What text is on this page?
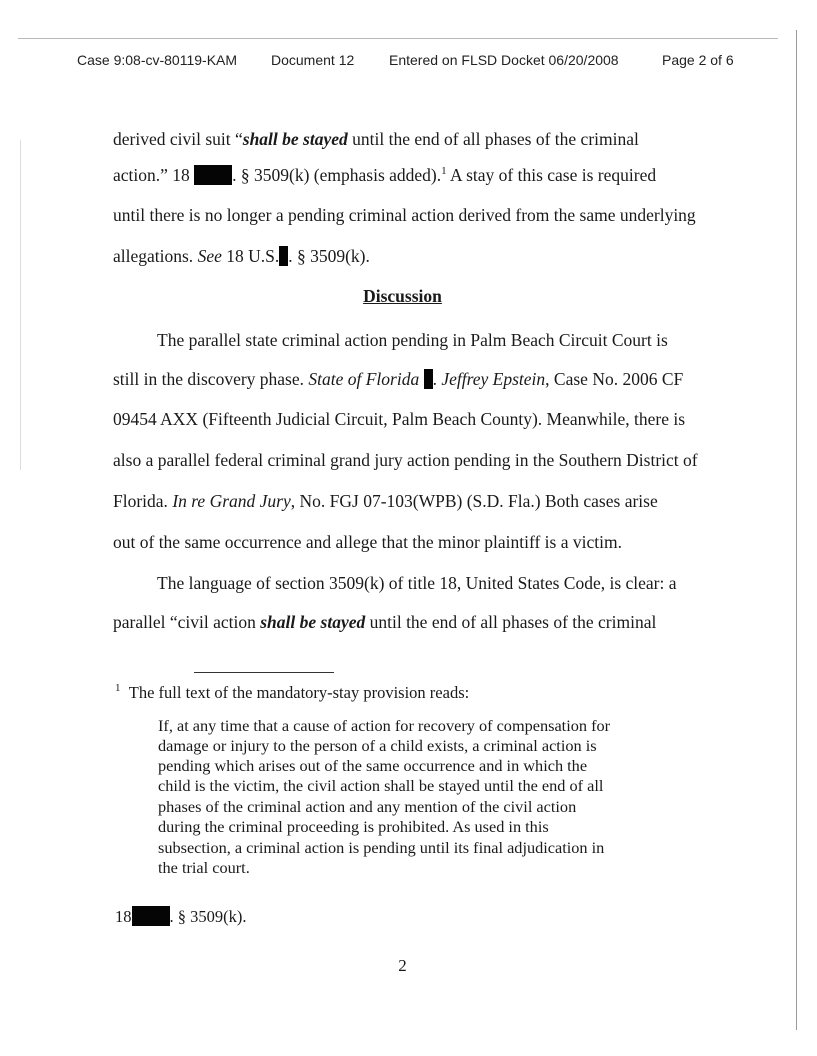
Case 9:08-cv-80119-KAM Document 12 Entered on FLSD Docket 06/20/2008	Page 2 of 6
derived civil suit “shall be stayed until the end of all phases of the criminal
action.” 18 . § 3509(k) (emphasis added).$^1$ A stay of this case is required
until there is no longer a pending criminal action derived from the same underlying
allegations. See 18 U.S. . § 3509(k).
Discussion
The parallel state criminal action pending in Palm Beach Circuit Court is
still in the discovery phase. State of Florida . Jeffrey Epstein, Case No. 2006 CF
09454 AXX (Fifteenth Judicial Circuit, Palm Beach County). Meanwhile, there is
also a parallel federal criminal grand jury action pending in the Southern District of
Florida. In re Grand Jury, No. FGJ 07-103(WPB) (S.D. Fla.) Both cases arise
out of the same occurrence and allege that the minor plaintiff is a victim.
The language of section 3509(k) of title 18, United States Code, is clear: a
parallel “civil action shall be stayed until the end of all phases of the criminal
$^1$ The full text of the mandatory-stay provision reads:
If, at any time that a cause of action for recovery of compensation for
damage or injury to the person of a child exists, a criminal action is
pending which arises out of the same occurrence and in which the
child is the victim, the civil action shall be stayed until the end of all
phases of the criminal action and any mention of the civil action
during the criminal proceeding is prohibited. As used in this
subsection, a criminal action is pending until its final adjudication in
the trial court.
18 . § 3509(k).
2
